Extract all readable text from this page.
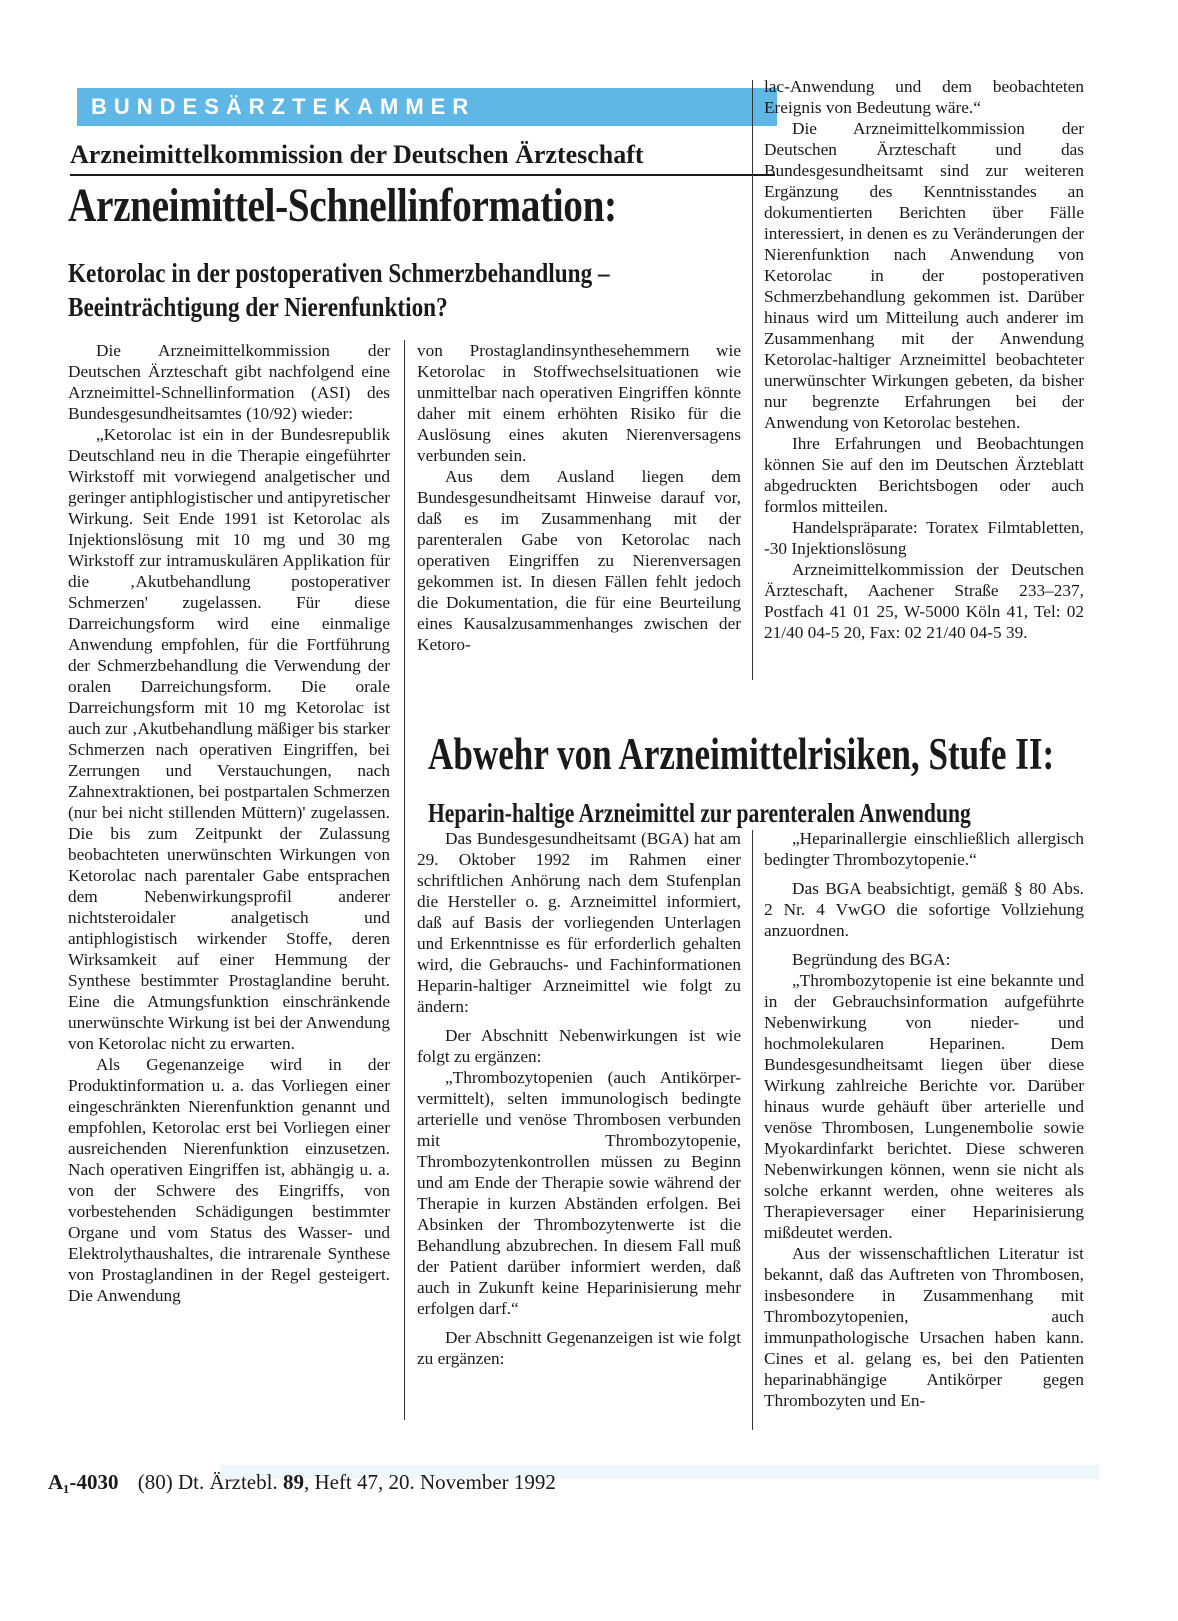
BUNDESÄRZTEKAMMER
Arzneimittelkommission der Deutschen Ärzteschaft
Arzneimittel-Schnellinformation:
Ketorolac in der postoperativen Schmerzbehandlung –
Beeinträchtigung der Nierenfunktion?

Die Arzneimittelkommission der Deutschen Ärzteschaft gibt nachfolgend eine Arzneimittel-Schnellinformation (ASI) des Bundesgesundheitsamtes (10/92) wieder:

„Ketorolac ist ein in der Bundesrepublik Deutschland neu in die Therapie eingeführter Wirkstoff mit vorwiegend analgetischer und geringer antiphlogistischer und antipyretischer Wirkung. Seit Ende 1991 ist Ketorolac als Injektionslösung mit 10 mg und 30 mg Wirkstoff zur intramuskulären Applikation für die ‚Akutbehandlung postoperativer Schmerzen' zugelassen. Für diese Darreichungsform wird eine einmalige Anwendung empfohlen, für die Fortführung der Schmerzbehandlung die Verwendung der oralen Darreichungsform. Die orale Darreichungsform mit 10 mg Ketorolac ist auch zur ‚Akutbehandlung mäßiger bis starker Schmerzen nach operativen Eingriffen, bei Zerrungen und Verstauchungen, nach Zahnextraktionen, bei postpartalen Schmerzen (nur bei nicht stillenden Müttern)' zugelassen. Die bis zum Zeitpunkt der Zulassung beobachteten unerwünschten Wirkungen von Ketorolac nach parentaler Gabe entsprachen dem Nebenwirkungsprofil anderer nichtsteroidaler analgetisch und antiphlogistisch wirkender Stoffe, deren Wirksamkeit auf einer Hemmung der Synthese bestimmter Prostaglandine beruht. Eine die Atmungsfunktion einschränkende unerwünschte Wirkung ist bei der Anwendung von Ketorolac nicht zu erwarten.

Als Gegenanzeige wird in der Produktinformation u. a. das Vorliegen einer eingeschränkten Nierenfunktion genannt und empfohlen, Ketorolac erst bei Vorliegen einer ausreichenden Nierenfunktion einzusetzen. Nach operativen Eingriffen ist, abhängig u. a. von der Schwere des Eingriffs, von vorbestehenden Schädigungen bestimmter Organe und vom Status des Wasser- und Elektrolythaushaltes, die intrarenale Synthese von Prostaglandinen in der Regel gesteigert. Die Anwendung

von Prostaglandinsynthesehemmern wie Ketorolac in Stoffwechselsituationen wie unmittelbar nach operativen Eingriffen könnte daher mit einem erhöhten Risiko für die Auslösung eines akuten Nierenversagens verbunden sein.

Aus dem Ausland liegen dem Bundesgesundheitsamt Hinweise darauf vor, daß es im Zusammenhang mit der parenteralen Gabe von Ketorolac nach operativen Eingriffen zu Nierenversagen gekommen ist. In diesen Fällen fehlt jedoch die Dokumentation, die für eine Beurteilung eines Kausalzusammenhanges zwischen der Ketoro-

lac-Anwendung und dem beobachteten Ereignis von Bedeutung wäre.“

Die Arzneimittelkommission der Deutschen Ärzteschaft und das Bundesgesundheitsamt sind zur weiteren Ergänzung des Kenntnisstandes an dokumentierten Berichten über Fälle interessiert, in denen es zu Veränderungen der Nierenfunktion nach Anwendung von Ketorolac in der postoperativen Schmerzbehandlung gekommen ist. Darüber hinaus wird um Mitteilung auch anderer im Zusammenhang mit der Anwendung Ketorolac-haltiger Arzneimittel beobachteter unerwünschter Wirkungen gebeten, da bisher nur begrenzte Erfahrungen bei der Anwendung von Ketorolac bestehen.

Ihre Erfahrungen und Beobachtungen können Sie auf den im Deutschen Ärzteblatt abgedruckten Berichtsbogen oder auch formlos mitteilen.

Handelspräparate: Toratex Filmtabletten, -30 Injektionslösung

Arzneimittelkommission der Deutschen Ärzteschaft, Aachener Straße 233–237, Postfach 41 01 25, W-5000 Köln 41, Tel: 02 21/40 04-5 20, Fax: 02 21/40 04-5 39.

Abwehr von Arzneimittelrisiken, Stufe II:
Heparin-haltige Arzneimittel zur parenteralen Anwendung

Das Bundesgesundheitsamt (BGA) hat am 29. Oktober 1992 im Rahmen einer schriftlichen Anhörung nach dem Stufenplan die Hersteller o. g. Arzneimittel informiert, daß auf Basis der vorliegenden Unterlagen und Erkenntnisse es für erforderlich gehalten wird, die Gebrauchs- und Fachinformationen Heparin-haltiger Arzneimittel wie folgt zu ändern:

Der Abschnitt Nebenwirkungen ist wie folgt zu ergänzen:

„Thrombozytopenien (auch Antikörper-vermittelt), selten immunologisch bedingte arterielle und venöse Thrombosen verbunden mit Thrombozytopenie, Thrombozytenkontrollen müssen zu Beginn und am Ende der Therapie sowie während der Therapie in kurzen Abständen erfolgen. Bei Absinken der Thrombozytenwerte ist die Behandlung abzubrechen. In diesem Fall muß der Patient darüber informiert werden, daß auch in Zukunft keine Heparinisierung mehr erfolgen darf.“

Der Abschnitt Gegenanzeigen ist wie folgt zu ergänzen:

„Heparinallergie einschließlich allergisch bedingter Thrombozytopenie.“

Das BGA beabsichtigt, gemäß § 80 Abs. 2 Nr. 4 VwGO die sofortige Vollziehung anzuordnen.

Begründung des BGA:

„Thrombozytopenie ist eine bekannte und in der Gebrauchsinformation aufgeführte Nebenwirkung von nieder- und hochmolekularen Heparinen. Dem Bundesgesundheitsamt liegen über diese Wirkung zahlreiche Berichte vor. Darüber hinaus wurde gehäuft über arterielle und venöse Thrombosen, Lungenembolie sowie Myokardinfarkt berichtet. Diese schweren Nebenwirkungen können, wenn sie nicht als solche erkannt werden, ohne weiteres als Therapieversager einer Heparinisierung mißdeutet werden.

Aus der wissenschaftlichen Literatur ist bekannt, daß das Auftreten von Thrombosen, insbesondere in Zusammenhang mit Thrombozytopenien, auch immunpathologische Ursachen haben kann. Cines et al. gelang es, bei den Patienten heparinabhängige Antikörper gegen Thrombozyten und En-

A₁-4030 (80) Dt. Ärztebl. 89, Heft 47, 20. November 1992
